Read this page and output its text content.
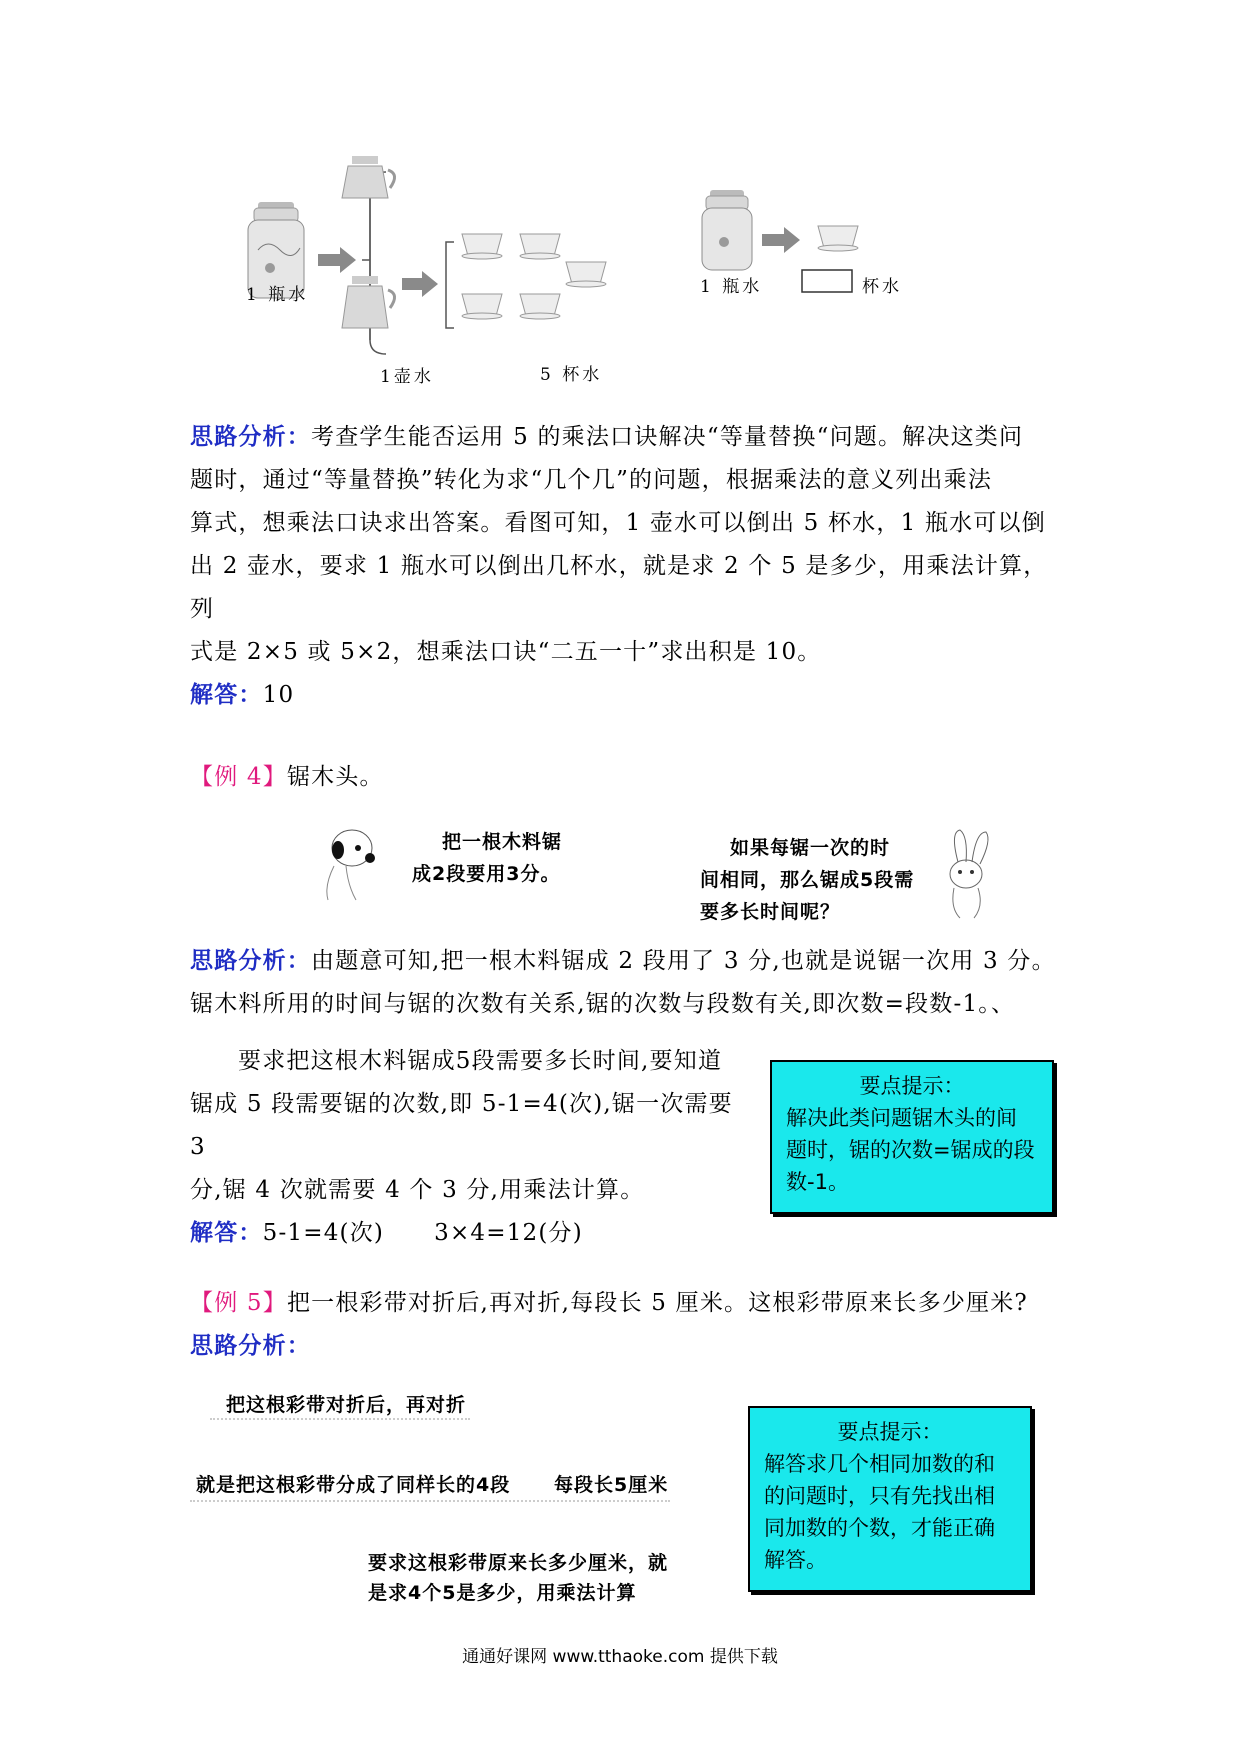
1 瓶水
1壶水	5 杯水
1 瓶水	杯水
思路分析：考查学生能否运用 5 的乘法口诀解决“等量替换“问题。解决这类问
题时，通过“等量替换”转化为求“几个几”的问题，根据乘法的意义列出乘法
算式，想乘法口诀求出答案。看图可知，1 壶水可以倒出 5 杯水，1 瓶水可以倒
出 2 壶水，要求 1 瓶水可以倒出几杯水，就是求 2 个 5 是多少，用乘法计算，列
式是 2×5 或 5×2，想乘法口诀“二五一十”求出积是 10。
解答：10
【例 4】锯木头。
把一根木料锯
成2段要用3分。
如果每锯一次的时
间相同，那么锯成5段需
要多长时间呢？
思路分析：由题意可知,把一根木料锯成 2 段用了 3 分,也就是说锯一次用 3 分。
锯木料所用的时间与锯的次数有关系,锯的次数与段数有关,即次数=段数-1。、
要求把这根木料锯成5段需要多长时间,要知道
锯成 5 段需要锯的次数,即 5-1=4(次),锯一次需要 3
分,锯 4 次就需要 4 个 3 分,用乘法计算。
解答：5-1=4(次) 3×4=12(分)
要点提示：
解决此类问题锯木头的间
题时，锯的次数=锯成的段
数-1。
【例 5】把一根彩带对折后,再对折,每段长 5 厘米。这根彩带原来长多少厘米?
思路分析：
把这根彩带对折后，再对折
就是把这根彩带分成了同样长的4段 每段长5厘米
要求这根彩带原来长多少厘米，就
是求4个5是多少，用乘法计算
要点提示：
解答求几个相同加数的和
的问题时，只有先找出相
同加数的个数，才能正确
解答。
通通好课网 www.tthaoke.com 提供下载
